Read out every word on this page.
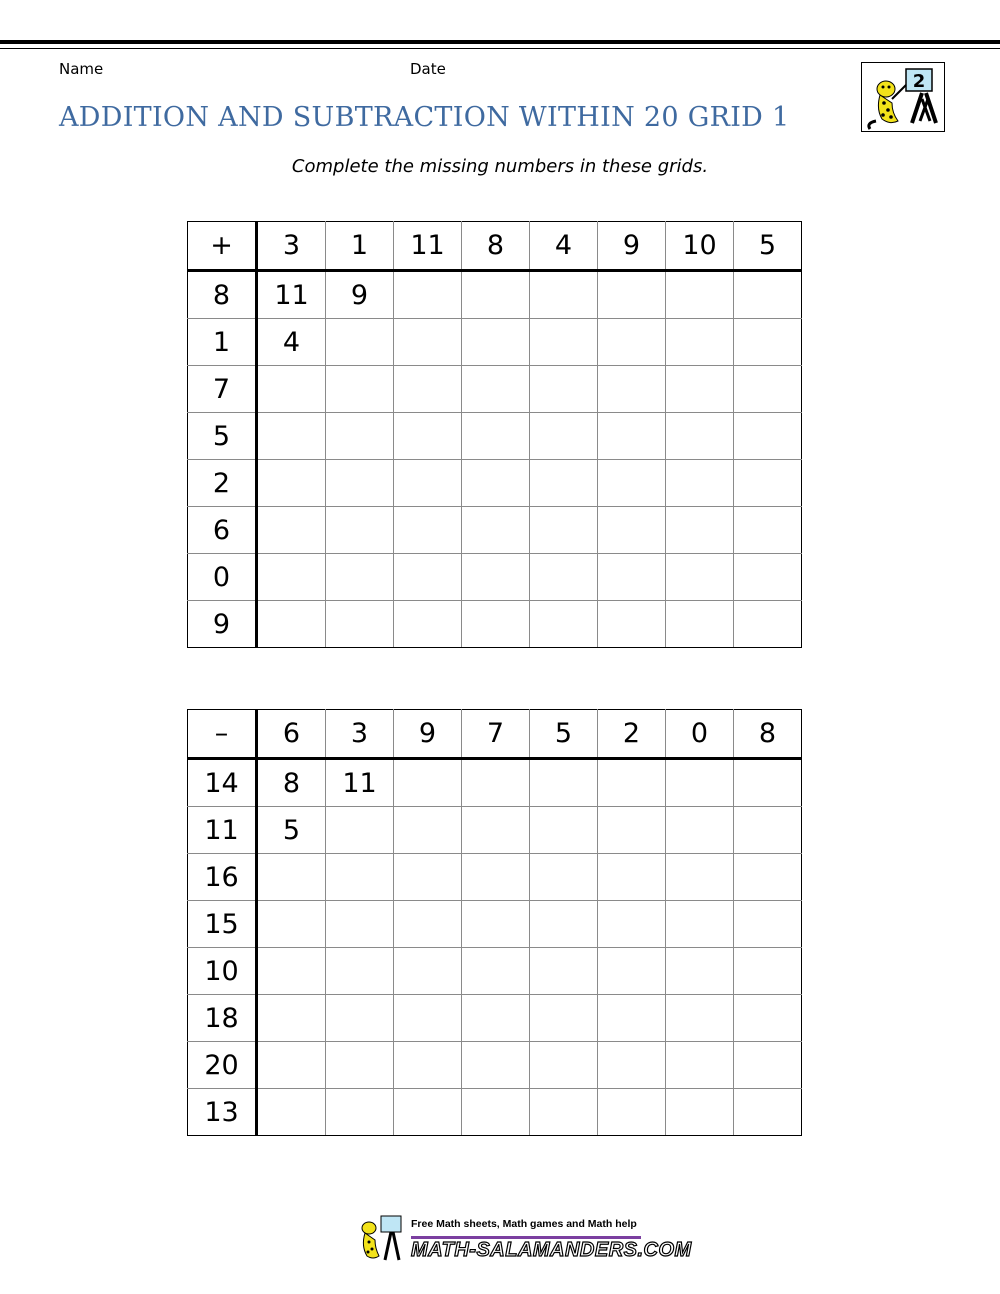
Name	Date
2
ADDITION AND SUBTRACTION WITHIN 20 GRID 1
Complete the missing numbers in these grids.
+	3	1	11	8	4	9	10	5
8	11	9						
1	4							
7								
5								
2								
6								
0								
9								
–	6	3	9	7	5	2	0	8
14	8	11						
11	5							
16								
15								
10								
18								
20								
13								
Free Math sheets, Math games and Math help
MATH-SALAMANDERS.COM
